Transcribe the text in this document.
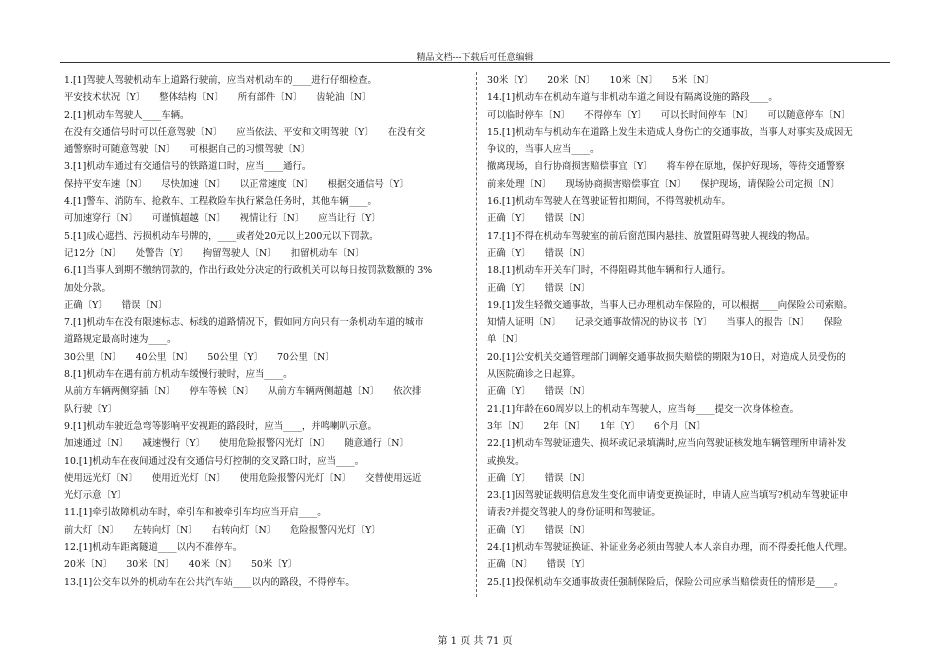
精品文档---下载后可任意编辑
1.[1]驾驶人驾驶机动车上道路行驶前，应当对机动车的____进行仔细检查。
平安技术状况〔Y〕　　整体结构〔N〕　　所有部件〔N〕　　齿轮油〔N〕
2.[1]机动车驾驶人____车辆。
在没有交通信号时可以任意驾驶〔N〕　　应当依法、平安和文明驾驶〔Y〕　　在没有交
通警察时可随意驾驶〔N〕　　可根据自己的习惯驾驶〔N〕
3.[1]机动车通过有交通信号的铁路道口时，应当____通行。
保持平安车速〔N〕　　尽快加速〔N〕　　以正常速度〔N〕　　根据交通信号〔Y〕
4.[1]警车、消防车、抢救车、工程救险车执行紧急任务时，其他车辆____。
可加速穿行〔N〕　　可谨慎超越〔N〕　　视情让行〔N〕　　应当让行〔Y〕
5.[1]成心遮挡、污损机动车号牌的，____或者处20元以上200元以下罚款。
记12分〔N〕　　处警告〔Y〕　　拘留驾驶人〔N〕　　扣留机动车〔N〕
6.[1]当事人到期不缴纳罚款的，作出行政处分决定的行政机关可以每日按罚款数额的 3%
加处分款。
正确〔Y〕　　错误〔N〕
7.[1]机动车在没有限速标志、标线的道路情况下，假如同方向只有一条机动车道的城市
道路规定最高时速为____。
30公里〔N〕　　40公里〔N〕　　50公里〔Y〕　　70公里〔N〕
8.[1]机动车在遇有前方机动车缓慢行驶时，应当____。
从前方车辆两侧穿插〔N〕　　停车等候〔N〕　　从前方车辆两侧超越〔N〕　　依次排
队行驶〔Y〕
9.[1]机动车驶近急弯等影响平安视距的路段时，应当____，并鸣喇叭示意。
加速通过〔N〕　　减速慢行〔Y〕　　使用危险报警闪光灯〔N〕　　随意通行〔N〕
10.[1]机动车在夜间通过没有交通信号灯控制的交叉路口时，应当____。
使用远光灯〔N〕　　使用近光灯〔N〕　　使用危险报警闪光灯〔N〕　　交替使用远近
光灯示意〔Y〕
11.[1]牵引故障机动车时，牵引车和被牵引车均应当开启____。
前大灯〔N〕　　左转向灯〔N〕　　右转向灯〔N〕　　危险报警闪光灯〔Y〕
12.[1]机动车距离隧道____以内不准停车。
20米〔N〕　　30米〔N〕　　40米〔N〕　　50米〔Y〕
13.[1]公交车以外的机动车在公共汽车站____以内的路段，不得停车。
30米〔Y〕　　20米〔N〕　　10米〔N〕　　5米〔N〕
14.[1]机动车在机动车道与非机动车道之间设有隔离设施的路段____。
可以临时停车〔N〕　　不得停车〔Y〕　　可以长时间停车〔N〕　　可以随意停车〔N〕
15.[1]机动车与机动车在道路上发生未造成人身伤亡的交通事故，当事人对事实及成因无
争议的，当事人应当____。
撤离现场，自行协商损害赔偿事宜〔Y〕　　将车停在原地，保护好现场，等待交通警察
前来处理〔N〕　　现场协商损害赔偿事宜〔N〕　　保护现场，请保险公司定损〔N〕
16.[1]机动车驾驶人在驾驶证暂扣期间，不得驾驶机动车。
正确〔Y〕　　错误〔N〕
17.[1]不得在机动车驾驶室的前后窗范围内悬挂、放置阻碍驾驶人视线的物品。
正确〔Y〕　　错误〔N〕
18.[1]机动车开关车门时，不得阻碍其他车辆和行人通行。
正确〔Y〕　　错误〔N〕
19.[1]发生轻微交通事故，当事人已办理机动车保险的，可以根据____向保险公司索赔。
知情人证明〔N〕　　记录交通事故情况的协议书〔Y〕　　当事人的报告〔N〕　　保险
单〔N〕
20.[1]公安机关交通管理部门调解交通事故损失赔偿的期限为10日，对造成人员受伤的
从医院确诊之日起算。
正确〔Y〕　　错误〔N〕
21.[1]年龄在60周岁以上的机动车驾驶人，应当每____提交一次身体检查。
3年〔N〕　　2年〔N〕　　1年〔Y〕　　6个月〔N〕
22.[1]机动车驾驶证遗失、损坏或记录填满时,应当向驾驶证核发地车辆管理所申请补发
或换发。
正确〔Y〕　　错误〔N〕
23.[1]因驾驶证载明信息发生变化而申请变更换证时，申请人应当填写?机动车驾驶证申
请表?并提交驾驶人的身份证明和驾驶证。
正确〔Y〕　　错误〔N〕
24.[1]机动车驾驶证换证、补证业务必须由驾驶人本人亲自办理，而不得委托他人代理。
正确〔N〕　　错误〔Y〕
25.[1]投保机动车交通事故责任强制保险后，保险公司应承当赔偿责任的情形是____。
第 1 页 共 71 页
